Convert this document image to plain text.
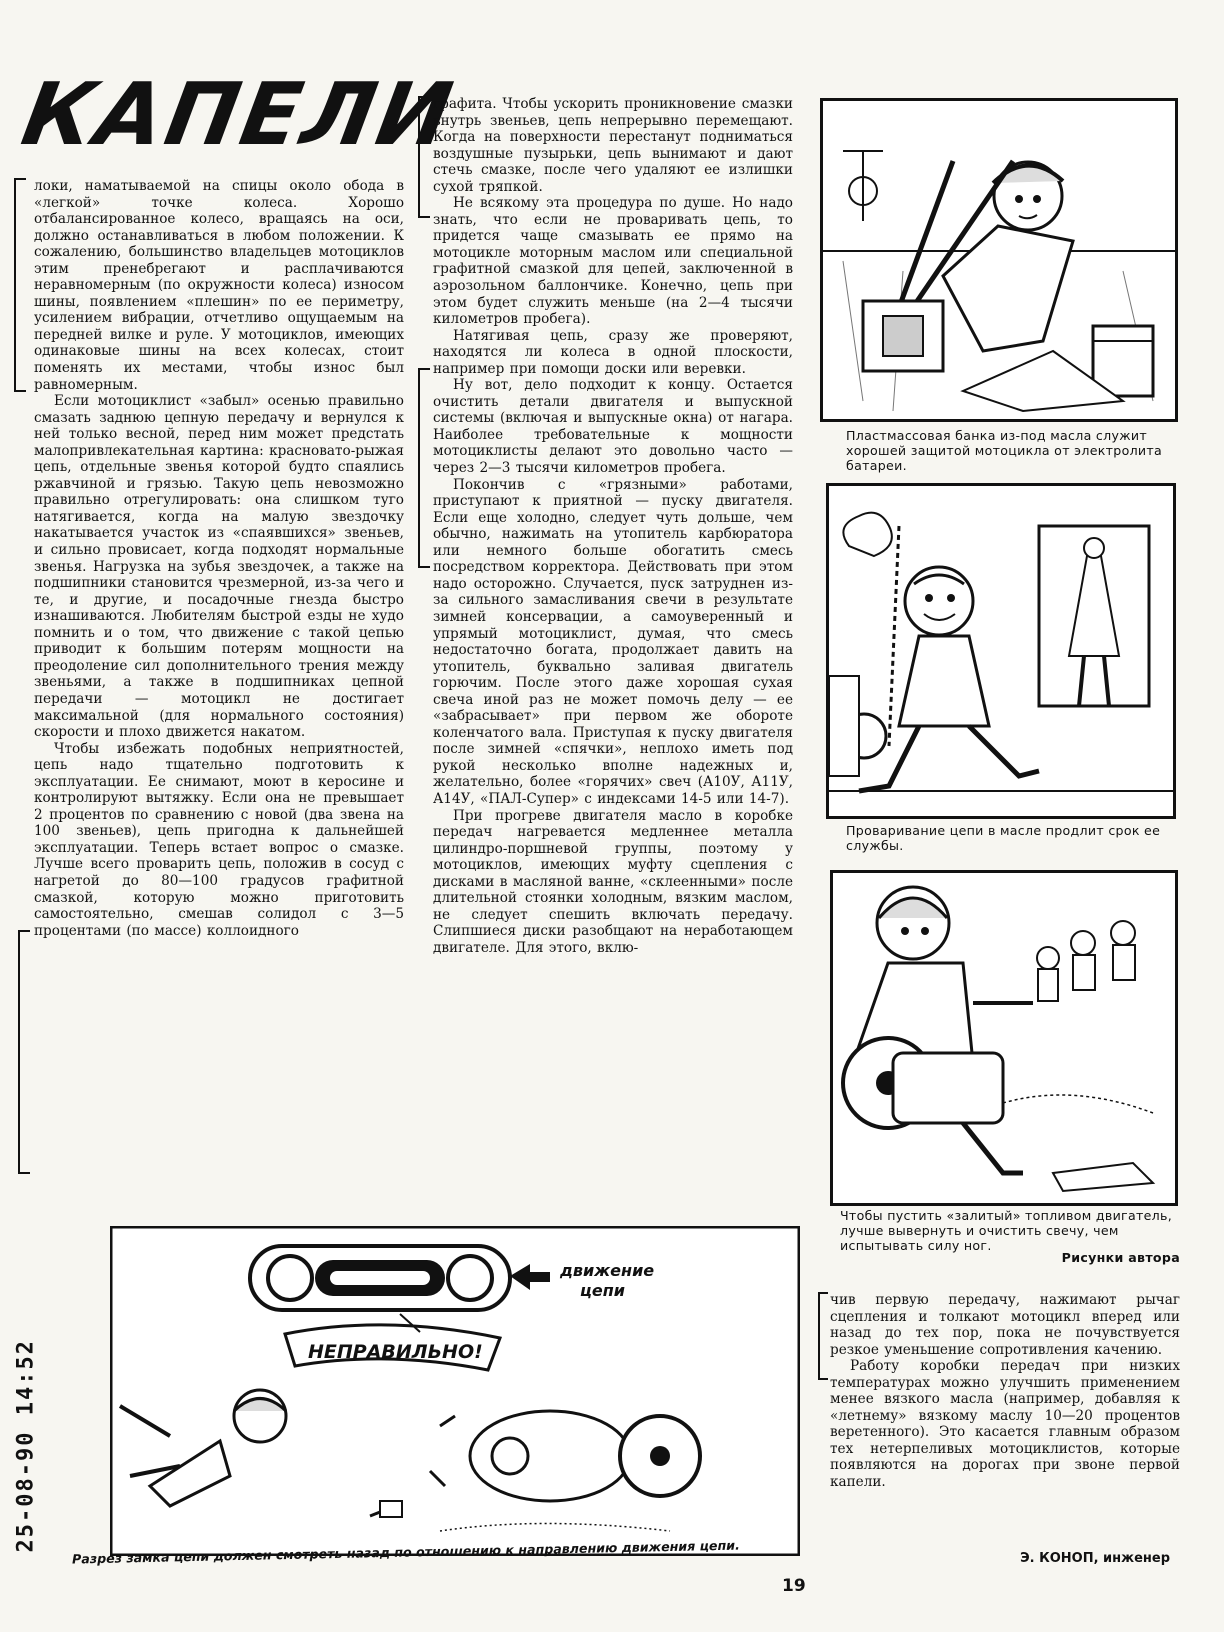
КАПЕЛИ

локи, наматываемой на спицы около обода в «легкой» точке колеса. Хорошо отбалансированное колесо, вращаясь на оси, должно останавливаться в любом положении. К сожалению, большинство владельцев мотоциклов этим пренебрегают и расплачиваются неравномерным (по окружности колеса) износом шины, появлением «плешин» по ее периметру, усилением вибрации, отчетливо ощущаемым на передней вилке и руле. У мотоциклов, имеющих одинаковые шины на всех колесах, стоит поменять их местами, чтобы износ был равномерным.

Если мотоциклист «забыл» осенью правильно смазать заднюю цепную передачу и вернулся к ней только весной, перед ним может предстать малопривлекательная картина: красновато-рыжая цепь, отдельные звенья которой будто спаялись ржавчиной и грязью. Такую цепь невозможно правильно отрегулировать: она слишком туго натягивается, когда на малую звездочку накатывается участок из «спаявшихся» звеньев, и сильно провисает, когда подходят нормальные звенья. Нагрузка на зубья звездочек, а также на подшипники становится чрезмерной, из-за чего и те, и другие, и посадочные гнезда быстро изнашиваются. Любителям быстрой езды не худо помнить и о том, что движение с такой цепью приводит к большим потерям мощности на преодоление сил дополнительного трения между звеньями, а также в подшипниках цепной передачи — мотоцикл не достигает максимальной (для нормального состояния) скорости и плохо движется накатом.

Чтобы избежать подобных неприятностей, цепь надо тщательно подготовить к эксплуатации. Ее снимают, моют в керосине и контролируют вытяжку. Если она не превышает 2 процентов по сравнению с новой (два звена на 100 звеньев), цепь пригодна к дальнейшей эксплуатации. Теперь встает вопрос о смазке. Лучше всего проварить цепь, положив в сосуд с нагретой до 80—100 градусов графитной смазкой, которую можно приготовить самостоятельно, смешав солидол с 3—5 процентами (по массе) коллоидного

графита. Чтобы ускорить проникновение смазки внутрь звеньев, цепь непрерывно перемещают. Когда на поверхности перестанут подниматься воздушные пузырьки, цепь вынимают и дают стечь смазке, после чего удаляют ее излишки сухой тряпкой.

Не всякому эта процедура по душе. Но надо знать, что если не проваривать цепь, то придется чаще смазывать ее прямо на мотоцикле моторным маслом или специальной графитной смазкой для цепей, заключенной в аэрозольном баллончике. Конечно, цепь при этом будет служить меньше (на 2—4 тысячи километров пробега).

Натягивая цепь, сразу же проверяют, находятся ли колеса в одной плоскости, например при помощи доски или веревки.

Ну вот, дело подходит к концу. Остается очистить детали двигателя и выпускной системы (включая и выпускные окна) от нагара. Наиболее требовательные к мощности мотоциклисты делают это довольно часто — через 2—3 тысячи километров пробега.

Покончив с «грязными» работами, приступают к приятной — пуску двигателя. Если еще холодно, следует чуть дольше, чем обычно, нажимать на утопитель карбюратора или немного больше обогатить смесь посредством корректора. Действовать при этом надо осторожно. Случается, пуск затруднен из-за сильного замасливания свечи в результате зимней консервации, а самоуверенный и упрямый мотоциклист, думая, что смесь недостаточно богата, продолжает давить на утопитель, буквально заливая двигатель горючим. После этого даже хорошая сухая свеча иной раз не может помочь делу — ее «забрасывает» при первом же обороте коленчатого вала. Приступая к пуску двигателя после зимней «спячки», неплохо иметь под рукой несколько вполне надежных и, желательно, более «горячих» свеч (А10У, А11У, А14У, «ПАЛ-Супер» с индексами 14-5 или 14-7).

При прогреве двигателя масло в коробке передач нагревается медленнее металла цилиндро-поршневой группы, поэтому у мотоциклов, имеющих муфту сцепления с дисками в масляной ванне, «склеенными» после длительной стоянки холодным, вязким маслом, не следует спешить включать передачу. Слипшиеся диски разобщают на неработающем двигателе. Для этого, вклю-

чив первую передачу, нажимают рычаг сцепления и толкают мотоцикл вперед или назад до тех пор, пока не почувствуется резкое уменьшение сопротивления качению.

Работу коробки передач при низких температурах можно улучшить применением менее вязкого масла (например, добавляя к «летнему» вязкому маслу 10—20 процентов веретенного). Это касается главным образом тех нетерпеливых мотоциклистов, которые появляются на дорогах при звоне первой капели.

Пластмассовая банка из-под масла служит хорошей защитой мотоцикла от электролита батареи.
Проваривание цепи в масле продлит срок ее службы.
Чтобы пустить «залитый» топливом двигатель, лучше вывернуть и очистить свечу, чем испытывать силу ног.
Рисунки автора
движение
цепи
НЕПРАВИЛЬНО!
Разрез замка цепи должен смотреть назад по отношению к направлению движения цепи.	Э. КОНОП, инженер
19
25-08-90 14:52
